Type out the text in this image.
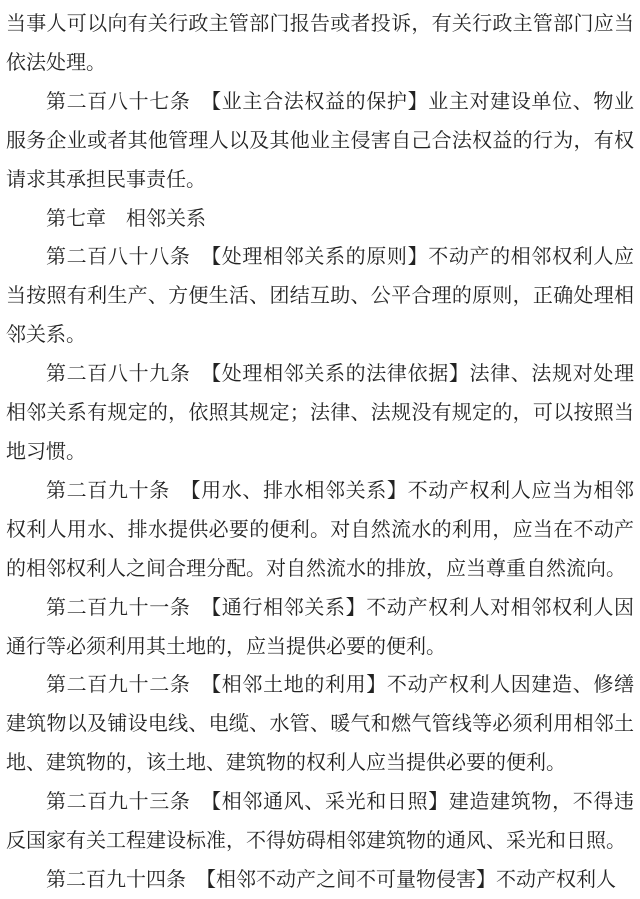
当事人可以向有关行政主管部门报告或者投诉，有关行政主管部门应当依法处理。

第二百八十七条　【业主合法权益的保护】业主对建设单位、物业服务企业或者其他管理人以及其他业主侵害自己合法权益的行为，有权请求其承担民事责任。

第七章　相邻关系

第二百八十八条　【处理相邻关系的原则】不动产的相邻权利人应当按照有利生产、方便生活、团结互助、公平合理的原则，正确处理相邻关系。

第二百八十九条　【处理相邻关系的法律依据】法律、法规对处理相邻关系有规定的，依照其规定；法律、法规没有规定的，可以按照当地习惯。

第二百九十条　【用水、排水相邻关系】不动产权利人应当为相邻权利人用水、排水提供必要的便利。对自然流水的利用，应当在不动产的相邻权利人之间合理分配。对自然流水的排放，应当尊重自然流向。

第二百九十一条　【通行相邻关系】不动产权利人对相邻权利人因通行等必须利用其土地的，应当提供必要的便利。

第二百九十二条　【相邻土地的利用】不动产权利人因建造、修缮建筑物以及铺设电线、电缆、水管、暖气和燃气管线等必须利用相邻土地、建筑物的，该土地、建筑物的权利人应当提供必要的便利。

第二百九十三条　【相邻通风、采光和日照】建造建筑物，不得违反国家有关工程建设标准，不得妨碍相邻建筑物的通风、采光和日照。

第二百九十四条　【相邻不动产之间不可量物侵害】不动产权利人
